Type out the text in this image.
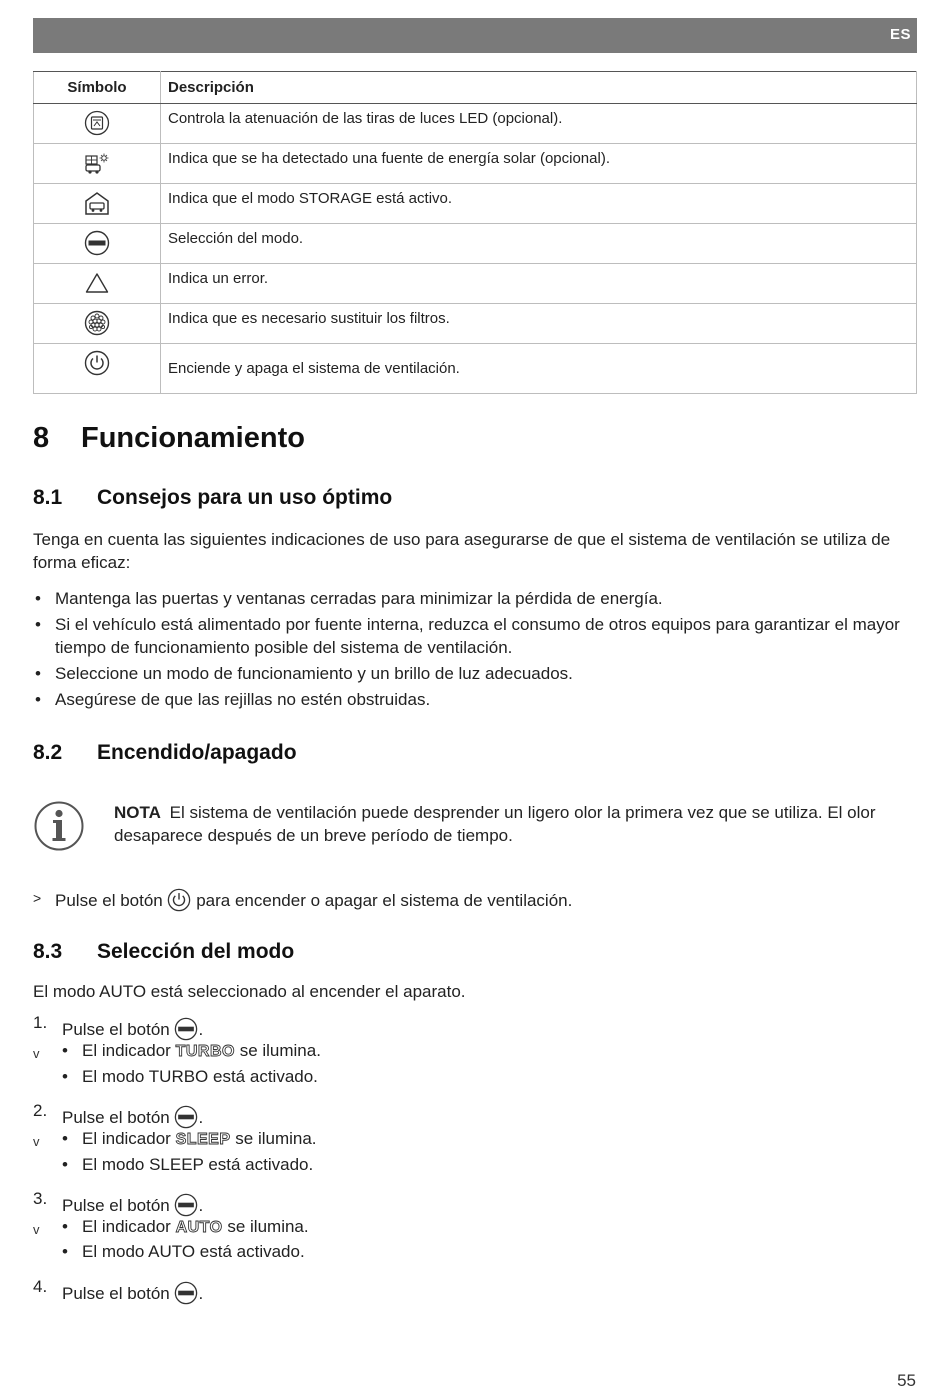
ES
Símbolo	Descripción
	Controla la atenuación de las tiras de luces LED (opcional).
	Indica que se ha detectado una fuente de energía solar (opcional).
	Indica que el modo STORAGE está activo.
	Selección del modo.
	Indica un error.
	Indica que es necesario sustituir los filtros.
	Enciende y apaga el sistema de ventilación.
8 Funcionamiento
8.1 Consejos para un uso óptimo
Tenga en cuenta las siguientes indicaciones de uso para asegurarse de que el sistema de ventilación se utiliza de forma eficaz:
• Mantenga las puertas y ventanas cerradas para minimizar la pérdida de energía.
• Si el vehículo está alimentado por fuente interna, reduzca el consumo de otros equipos para garantizar el mayor tiempo de funcionamiento posible del sistema de ventilación.
• Seleccione un modo de funcionamiento y un brillo de luz adecuados.
• Asegúrese de que las rejillas no estén obstruidas.
8.2 Encendido/apagado
NOTA El sistema de ventilación puede desprender un ligero olor la primera vez que se utiliza. El olor desaparece después de un breve período de tiempo.
> Pulse el botón para encender o apagar el sistema de ventilación.
8.3 Selección del modo
El modo AUTO está seleccionado al encender el aparato.
1. Pulse el botón .
v • El indicador TURBO se ilumina.
• El modo TURBO está activado.
2. Pulse el botón .
v • El indicador SLEEP se ilumina.
• El modo SLEEP está activado.
3. Pulse el botón .
v • El indicador AUTO se ilumina.
• El modo AUTO está activado.
4. Pulse el botón .
55
